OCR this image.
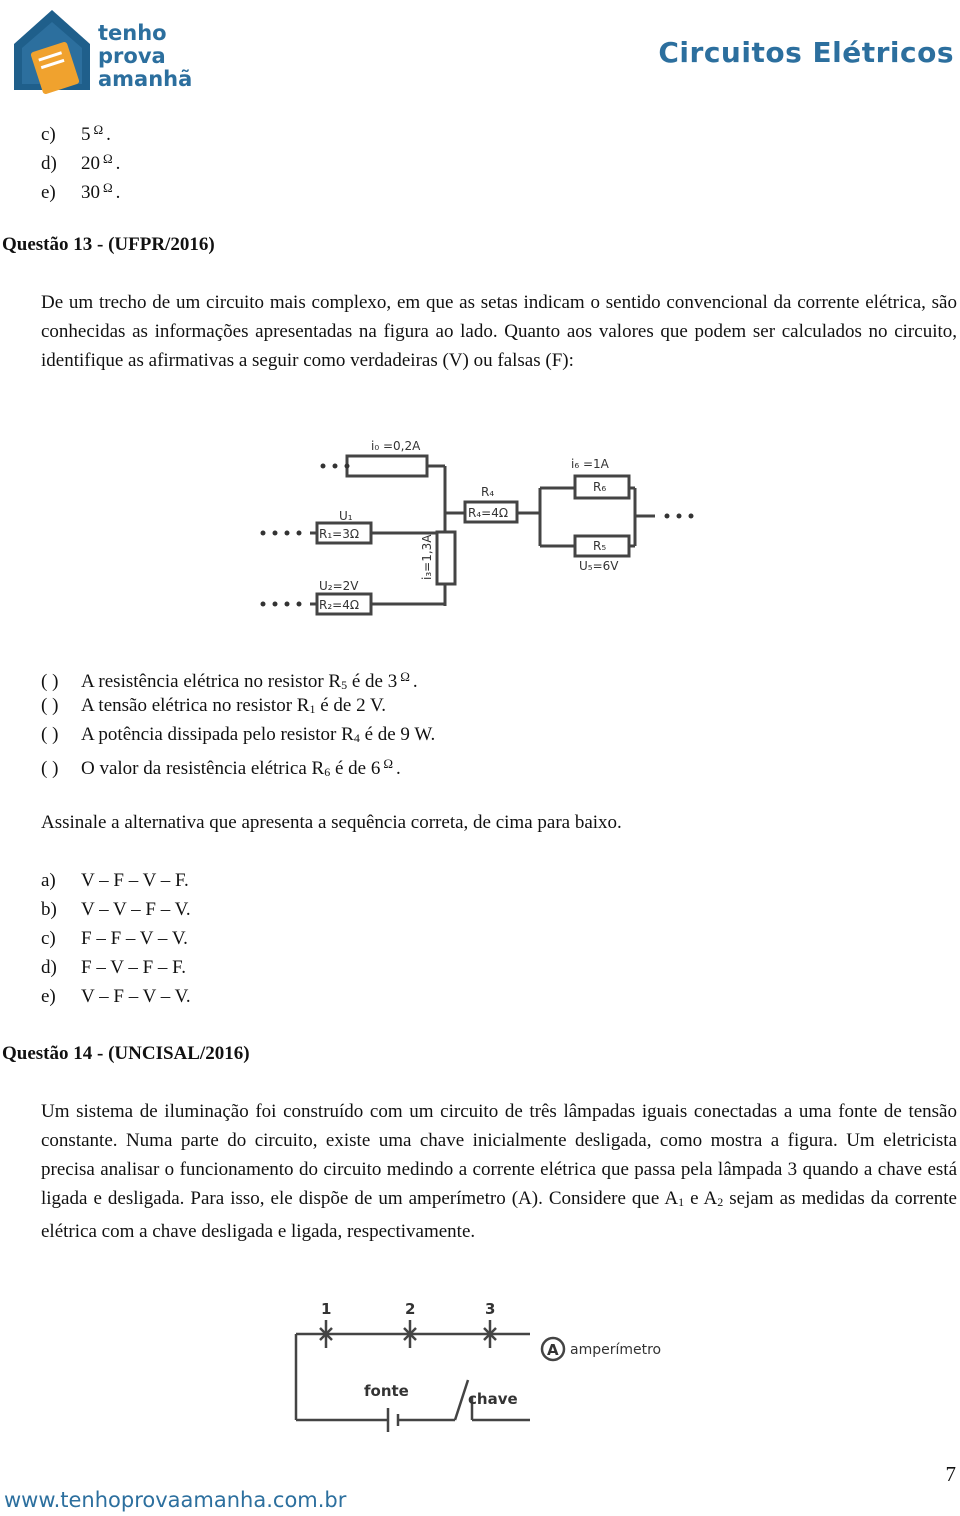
tenho
prova
amanhã
Circuitos Elétricos
c) 5 $^\Omega$ .
d) 20 $^\Omega$ .
e) 30 $^\Omega$ .
Questão 13 - (UFPR/2016)
De um trecho de um circuito mais complexo, em que as setas indicam o sentido convencional da corrente elétrica, são conhecidas as informações apresentadas na figura ao lado. Quanto aos valores que podem ser calculados no circuito, identifique as afirmativas a seguir como verdadeiras (V) ou falsas (F):
i₀ =0,2A
U₁
R₁=3Ω
U₂=2V
R₂=4Ω
i₃=1,3A
R₄
R₄=4Ω
i₆ =1A
R₆
R₅
U₅=6V
( ) A resistência elétrica no resistor R5 é de 3 $^\Omega$ .
( ) A tensão elétrica no resistor R1 é de 2 V.
( ) A potência dissipada pelo resistor R4 é de 9 W.
( ) O valor da resistência elétrica R6 é de 6 $^\Omega$ .
Assinale a alternativa que apresenta a sequência correta, de cima para baixo.
a) V – F – V – F.
b) V – V – F – V.
c) F – F – V – V.
d) F – V – F – F.
e) V – F – V – V.
Questão 14 - (UNCISAL/2016)
Um sistema de iluminação foi construído com um circuito de três lâmpadas iguais conectadas a uma fonte de tensão constante. Numa parte do circuito, existe uma chave inicialmente desligada, como mostra a figura. Um eletricista precisa analisar o funcionamento do circuito medindo a corrente elétrica que passa pela lâmpada 3 quando a chave está ligada e desligada. Para isso, ele dispõe de um amperímetro (A). Considere que A1 e A2 sejam as medidas da corrente elétrica com a chave desligada e ligada, respectivamente.
1	2	3
A
fonte	chave
amperímetro
7
www.tenhoprovaamanha.com.br
